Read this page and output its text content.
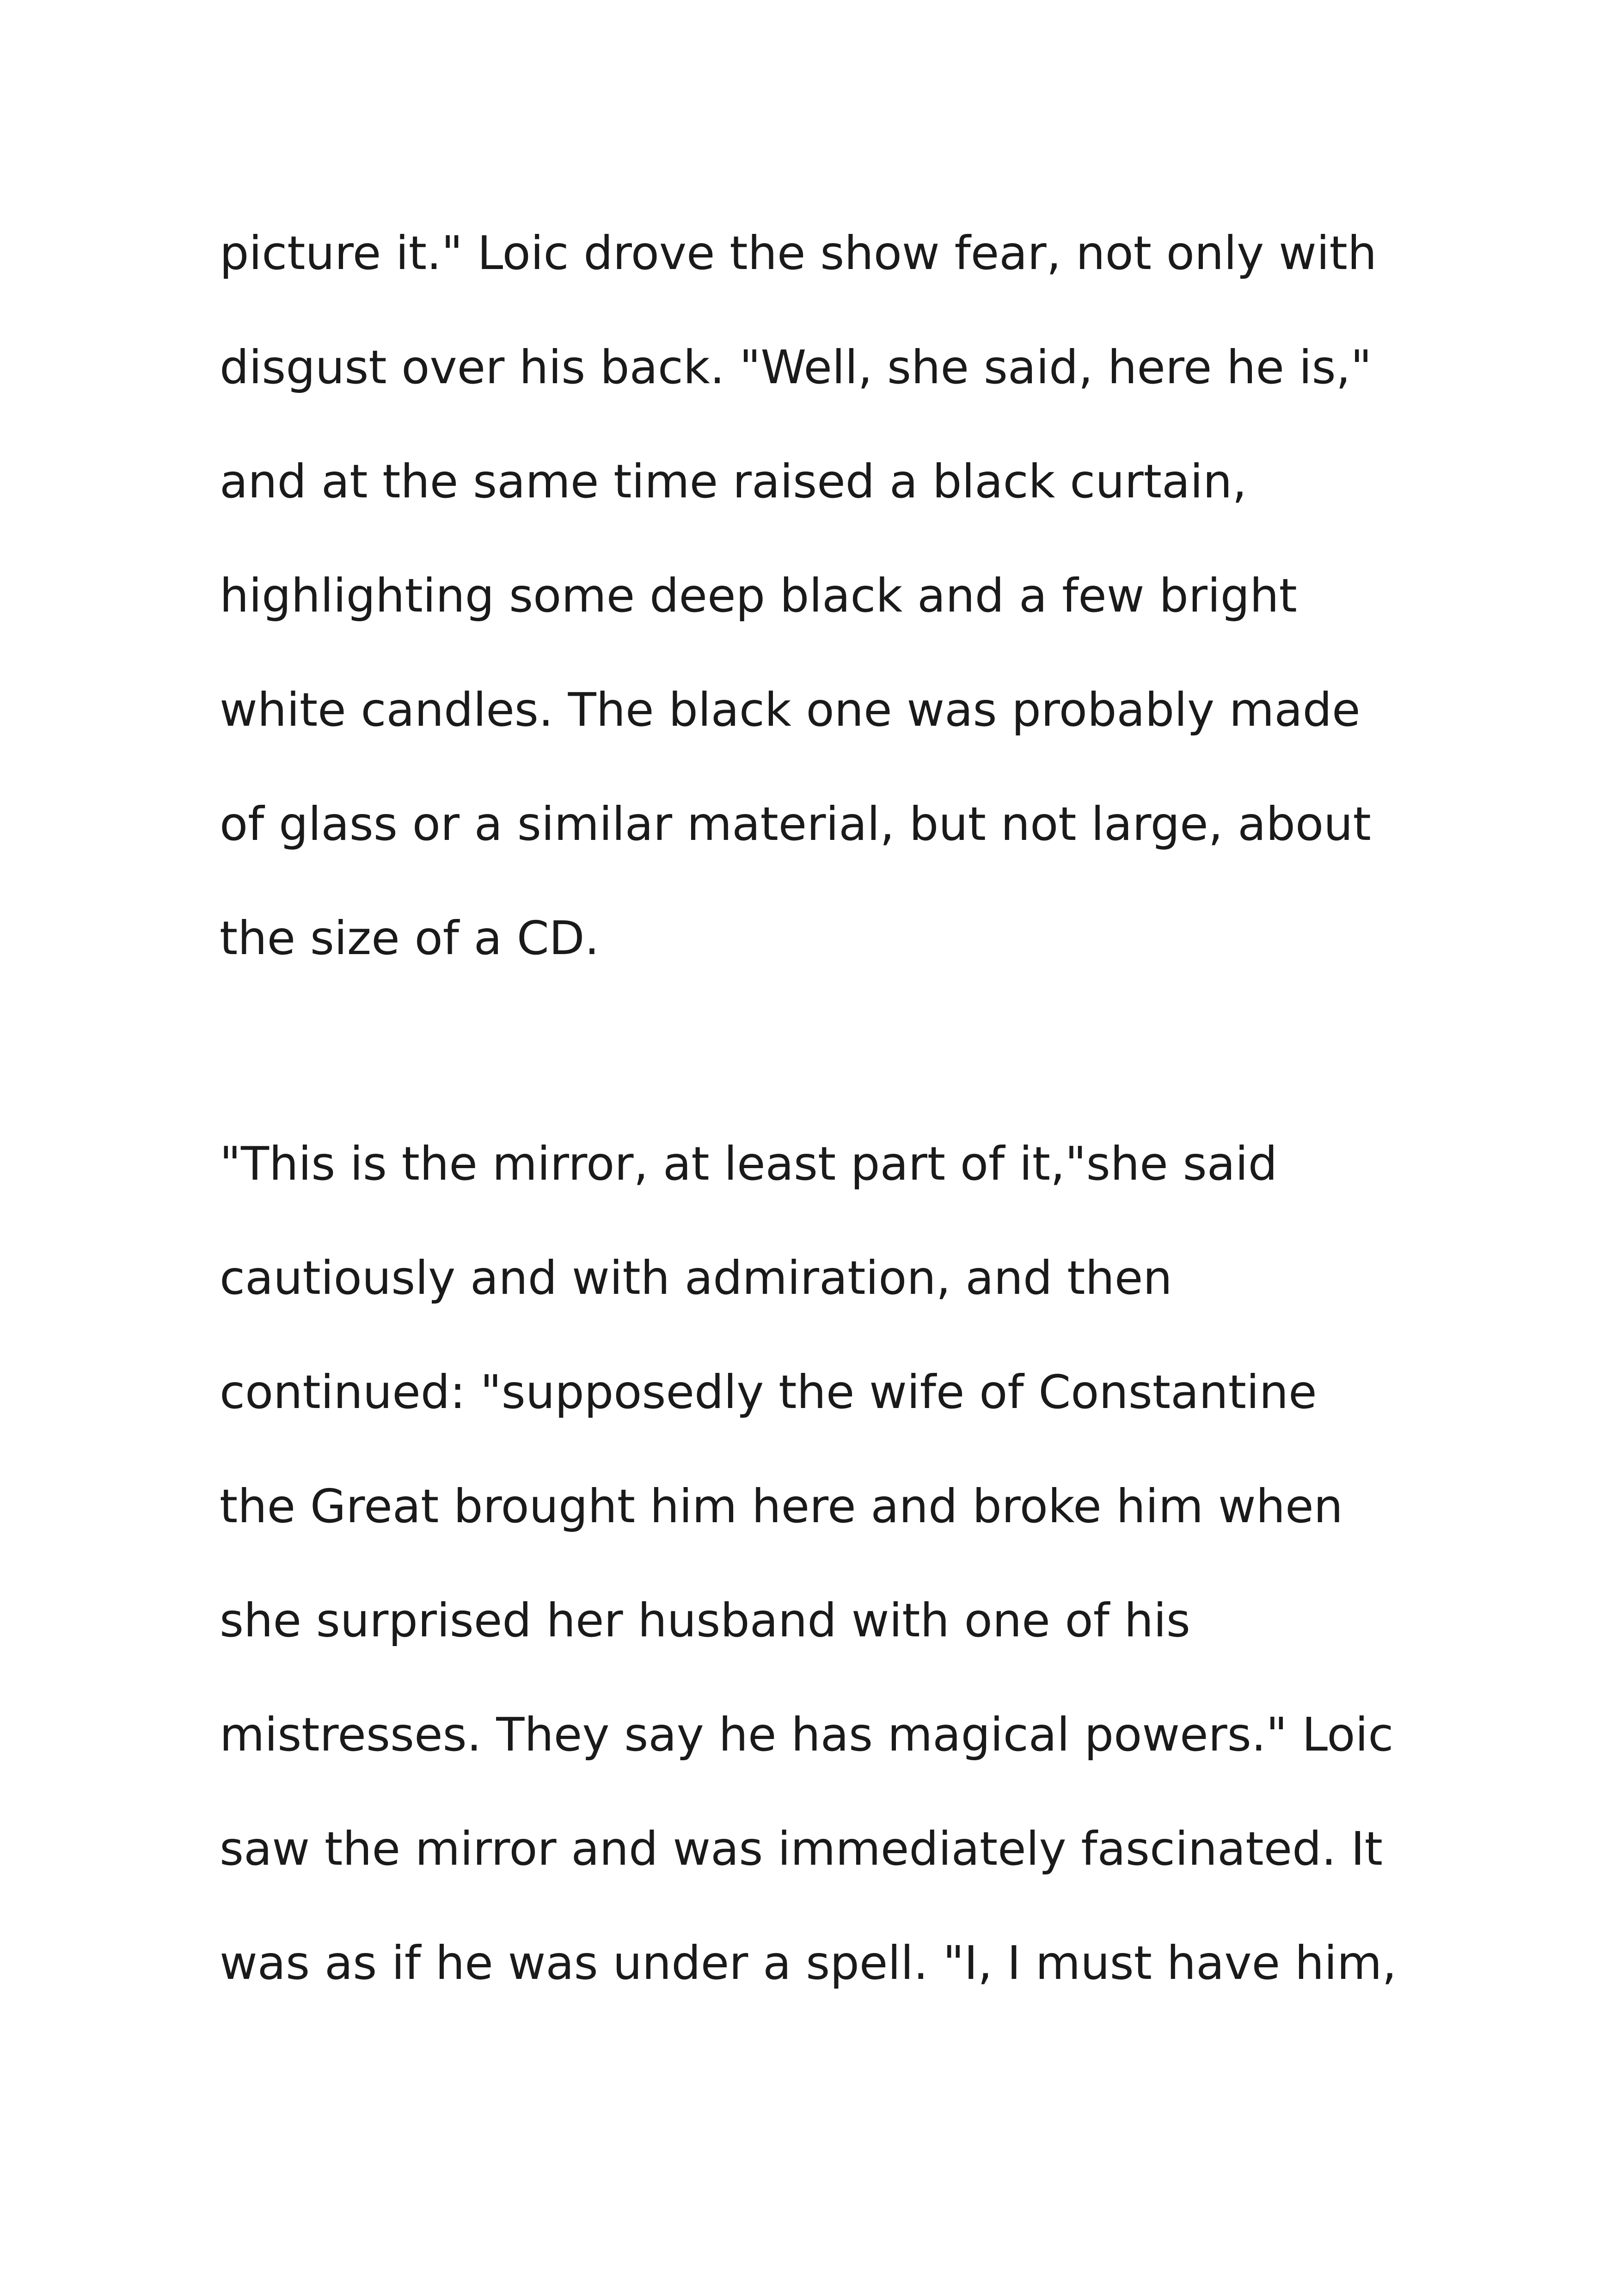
picture it." Loic drove the show fear, not only with
disgust over his back. "Well, she said, here he is,"
and at the same time raised a black curtain,
highlighting some deep black and a few bright
white candles. The black one was probably made
of glass or a similar material, but not large, about
the size of a CD.
"This is the mirror, at least part of it,"she said
cautiously and with admiration, and then
continued: "supposedly the wife of Constantine
the Great brought him here and broke him when
she surprised her husband with one of his
mistresses. They say he has magical powers." Loic
saw the mirror and was immediately fascinated. It
was as if he was under a spell. "I, I must have him,
